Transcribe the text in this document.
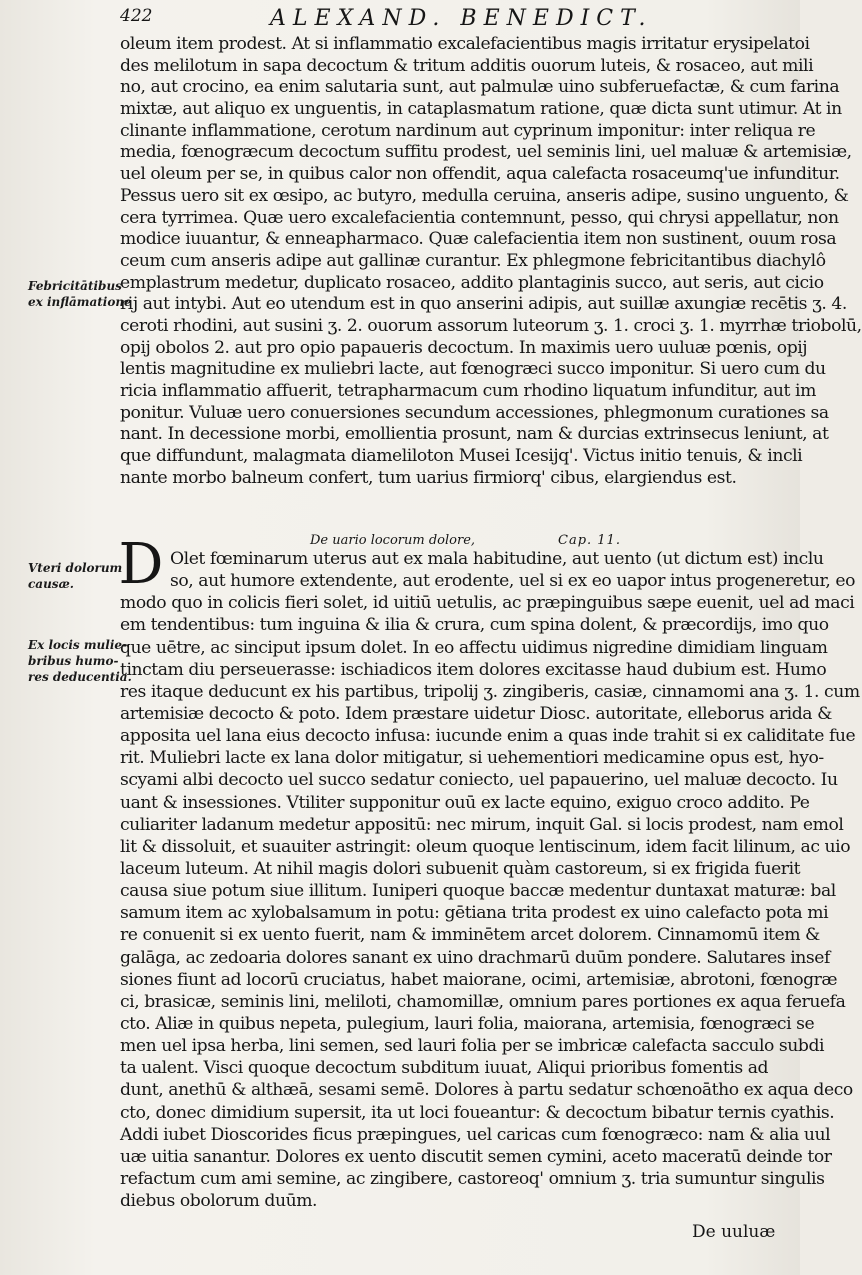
422	ALEXAND. BENEDICT.
oleum item prodest. At si inflammatio excalefacientibus magis irritatur erysipelatoi
des melilotum in sapa decoctum & tritum additis ouorum luteis, & rosaceo, aut mili
no, aut crocino, ea enim salutaria sunt, aut palmulæ uino subferuefactæ, & cum farina
mixtæ, aut aliquo ex unguentis, in cataplasmatum ratione, quæ dicta sunt utimur. At in
clinante inflammatione, cerotum nardinum aut cyprinum imponitur: inter reliqua re
media, fœnogræcum decoctum suffitu prodest, uel seminis lini, uel maluæ & artemisiæ,
uel oleum per se, in quibus calor non offendit, aqua calefacta rosaceumq'ue infunditur.
Pessus uero sit ex œsipo, ac butyro, medulla ceruina, anseris adipe, susino unguento, &
cera tyrrimea. Quæ uero excalefacientia contemnunt, pesso, qui chrysi appellatur, non
modice iuuantur, & enneapharmaco. Quæ calefacientia item non sustinent, ouum rosa
ceum cum anseris adipe aut gallinæ curantur. Ex phlegmone febricitantibus diachylô
emplastrum medetur, duplicato rosaceo, addito plantaginis succo, aut seris, aut cicio
rij aut intybi. Aut eo utendum est in quo anserini adipis, aut suillæ axungiæ recētis ʒ. 4.
ceroti rhodini, aut susini ʒ. 2. ouorum assorum luteorum ʒ. 1. croci ʒ. 1. myrrhæ triobolū,
opij obolos 2. aut pro opio papaueris decoctum. In maximis uero uuluæ pœnis, opij
lentis magnitudine ex muliebri lacte, aut fœnogræci succo imponitur. Si uero cum du
ricia inflammatio affuerit, tetrapharmacum cum rhodino liquatum infunditur, aut im
ponitur. Vuluæ uero conuersiones secundum accessiones, phlegmonum curationes sa
nant. In decessione morbi, emollientia prosunt, nam & durcias extrinsecus leniunt, at
que diffundunt, malagmata diameliloton Musei Icesijq'. Victus initio tenuis, & incli
nante morbo balneum confert, tum uarius firmiorq' cibus, elargiendus est.
Febricitātibus
ex inflāmatione
De uario locorum dolore,	Cap. 11.
D Olet fœminarum uterus aut ex mala habitudine, aut uento (ut dictum est) inclu
so, aut humore extendente, aut erodente, uel si ex eo uapor intus progeneretur, eo
modo quo in colicis fieri solet, id uitiū uetulis, ac præpinguibus sæpe euenit, uel ad maci
em tendentibus: tum inguina & ilia & crura, cum spina dolent, & præcordijs, imo quo
que uētre, ac sinciput ipsum dolet. In eo affectu uidimus nigredine dimidiam linguam
tinctam diu perseuerasse: ischiadicos item dolores excitasse haud dubium est. Humo
res itaque deducunt ex his partibus, tripolij ʒ. zingiberis, casiæ, cinnamomi ana ʒ. 1. cum
artemisiæ decocto & poto. Idem præstare uidetur Diosc. autoritate, elleborus arida &
apposita uel lana eius decocto infusa: iucunde enim a quas inde trahit si ex caliditate fue
rit. Muliebri lacte ex lana dolor mitigatur, si uehementiori medicamine opus est, hyo-
scyami albi decocto uel succo sedatur coniecto, uel papauerino, uel maluæ decocto. Iu
uant & insessiones. Vtiliter supponitur ouū ex lacte equino, exiguo croco addito. Pe
culiariter ladanum medetur appositū: nec mirum, inquit Gal. si locis prodest, nam emol
lit & dissoluit, et suauiter astringit: oleum quoque lentiscinum, idem facit lilinum, ac uio
laceum luteum. At nihil magis dolori subuenit quàm castoreum, si ex frigida fuerit
causa siue potum siue illitum. Iuniperi quoque baccæ medentur duntaxat maturæ: bal
samum item ac xylobalsamum in potu: gētiana trita prodest ex uino calefacto pota mi
re conuenit si ex uento fuerit, nam & imminētem arcet dolorem. Cinnamomū item &
galāga, ac zedoaria dolores sanant ex uino drachmarū duūm pondere. Salutares insef
siones fiunt ad locorū cruciatus, habet maiorane, ocimi, artemisiæ, abrotoni, fœnogræ
ci, brasicæ, seminis lini, meliloti, chamomillæ, omnium pares portiones ex aqua feruefa
cto. Aliæ in quibus nepeta, pulegium, lauri folia, maiorana, artemisia, fœnogræci se
men uel ipsa herba, lini semen, sed lauri folia per se imbricæ calefacta sacculo subdi
ta ualent. Visci quoque decoctum subditum iuuat, Aliqui prioribus fomentis ad
dunt, anethū & althæā, sesami semē. Dolores à partu sedatur schœnoātho ex aqua deco
cto, donec dimidium supersit, ita ut loci foueantur: & decoctum bibatur ternis cyathis.
Addi iubet Dioscorides ficus præpingues, uel caricas cum fœnogræco: nam & alia uul
uæ uitia sanantur. Dolores ex uento discutit semen cymini, aceto maceratū deinde tor
refactum cum ami semine, ac zingibere, castoreoq' omnium ʒ. tria sumuntur singulis
diebus obolorum duūm.
Vteri dolorum
causæ.
Ex locis mulie-
bribus humo-
res deducentia.
De uuluæ
